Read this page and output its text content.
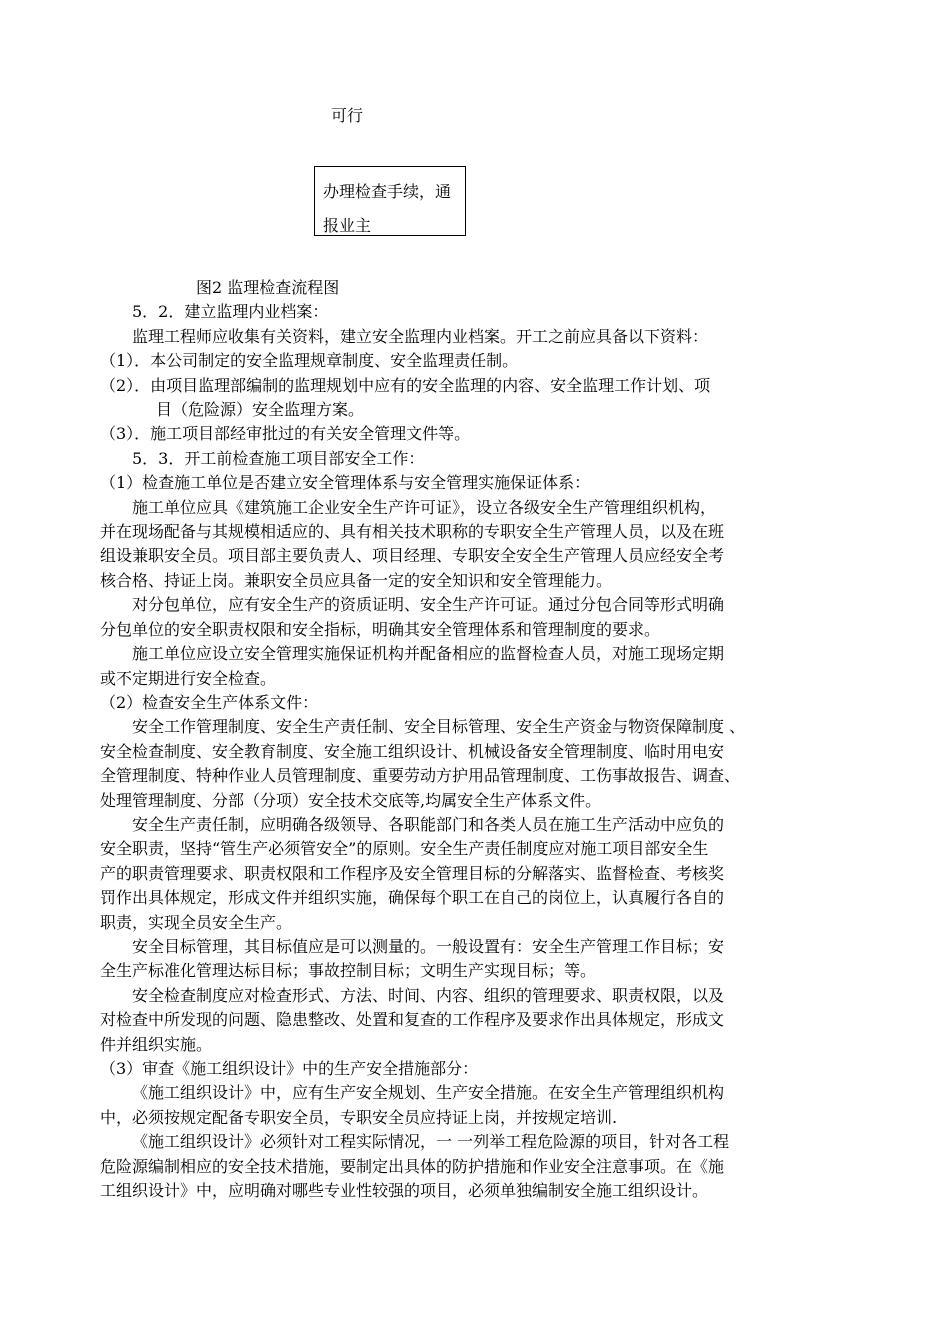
可行
办理检查手续，通
报业主

图2 监理检查流程图

5．2．建立监理内业档案：

监理工程师应收集有关资料，建立安全监理内业档案。开工之前应具备以下资料：

（1）．本公司制定的安全监理规章制度、安全监理责任制。

（2）．由项目监理部编制的监理规划中应有的安全监理的内容、安全监理工作计划、项

目（危险源）安全监理方案。

（3）．施工项目部经审批过的有关安全管理文件等。

5．3．开工前检查施工项目部安全工作：

（1）检查施工单位是否建立安全管理体系与安全管理实施保证体系：

施工单位应具《建筑施工企业安全生产许可证》，设立各级安全生产管理组织机构，

并在现场配备与其规模相适应的、具有相关技术职称的专职安全生产管理人员，以及在班

组设兼职安全员。项目部主要负责人、项目经理、专职安全安全生产管理人员应经安全考

核合格、持证上岗。兼职安全员应具备一定的安全知识和安全管理能力。

对分包单位，应有安全生产的资质证明、安全生产许可证。通过分包合同等形式明确

分包单位的安全职责权限和安全指标，明确其安全管理体系和管理制度的要求。

施工单位应设立安全管理实施保证机构并配备相应的监督检查人员，对施工现场定期

或不定期进行安全检查。

（2）检查安全生产体系文件：

安全工作管理制度、安全生产责任制、安全目标管理、安全生产资金与物资保障制度 、

安全检查制度、安全教育制度、安全施工组织设计、机械设备安全管理制度、临时用电安

全管理制度、特种作业人员管理制度、重要劳动方护用品管理制度、工伤事故报告、调查、

处理管理制度、分部（分项）安全技术交底等,均属安全生产体系文件。

安全生产责任制，应明确各级领导、各职能部门和各类人员在施工生产活动中应负的

安全职责，坚持“管生产必须管安全”的原则。安全生产责任制度应对施工项目部安全生

产的职责管理要求、职责权限和工作程序及安全管理目标的分解落实、监督检查、考核奖

罚作出具体规定，形成文件并组织实施，确保每个职工在自己的岗位上，认真履行各自的

职责，实现全员安全生产。

安全目标管理，其目标值应是可以测量的。一般设置有：安全生产管理工作目标；安

全生产标准化管理达标目标；事故控制目标；文明生产实现目标；等。

安全检查制度应对检查形式、方法、时间、内容、组织的管理要求、职责权限，以及

对检查中所发现的问题、隐患整改、处置和复查的工作程序及要求作出具体规定，形成文

件并组织实施。

（3）审查《施工组织设计》中的生产安全措施部分：

《施工组织设计》中，应有生产安全规划、生产安全措施。在安全生产管理组织机构

中，必须按规定配备专职安全员，专职安全员应持证上岗，并按规定培训.

《施工组织设计》必须针对工程实际情况，一 一列举工程危险源的项目，针对各工程

危险源编制相应的安全技术措施，要制定出具体的防护措施和作业安全注意事项。在《施

工组织设计》中，应明确对哪些专业性较强的项目，必须单独编制安全施工组织设计。
